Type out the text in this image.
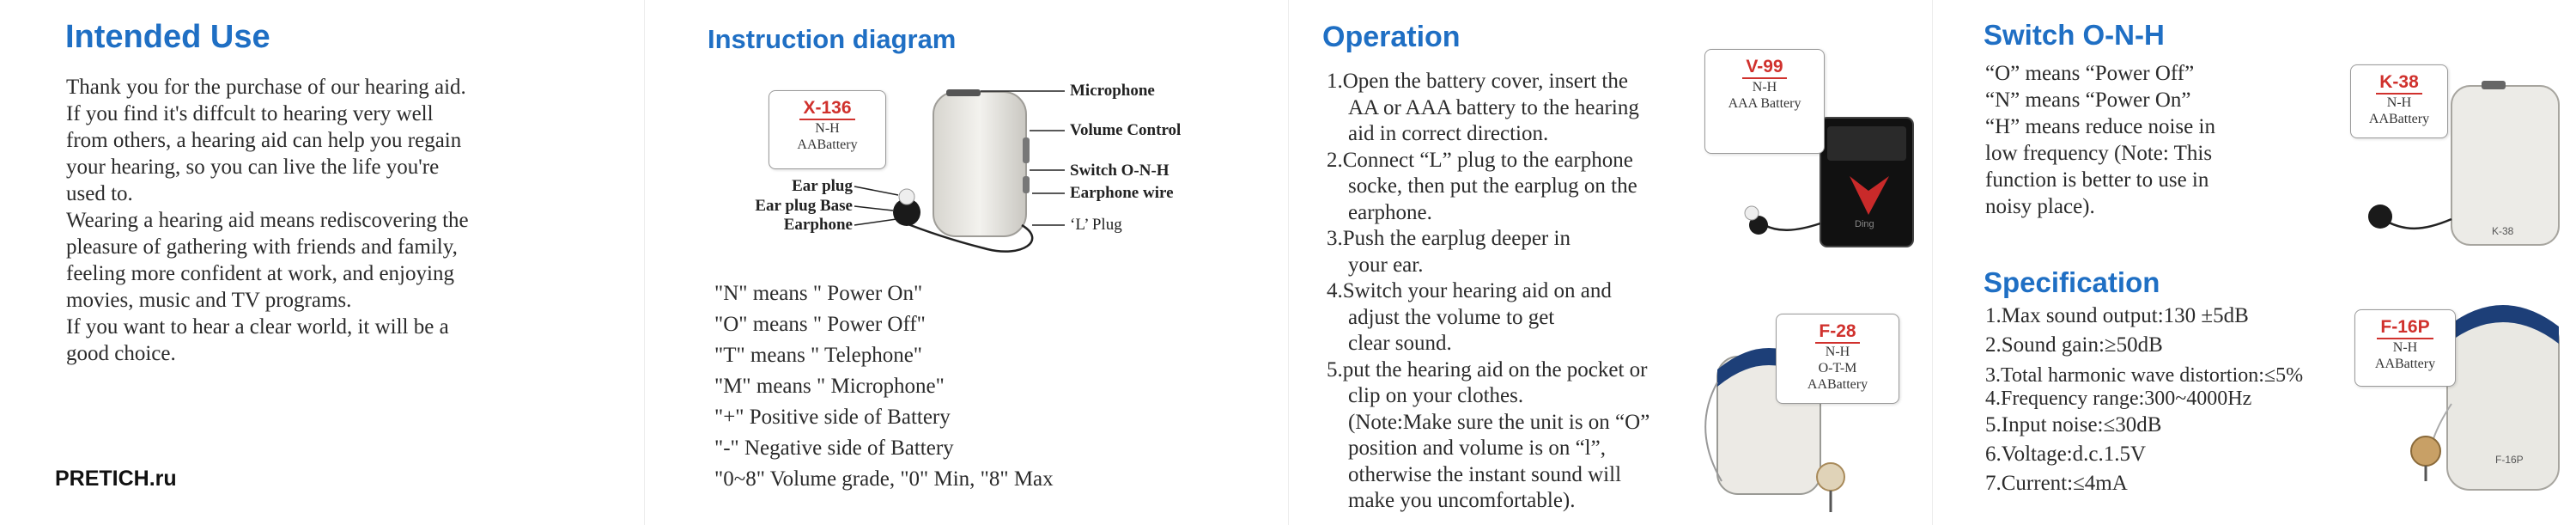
Intended Use

Thank you for the purchase of our hearing aid.

If you find it's diffcult to hearing very well

from others, a hearing aid can help you regain

your hearing, so you can live the life you're

used to.

Wearing a hearing aid means rediscovering the

pleasure of gathering with friends and family,

feeling more confident at work, and enjoying

movies, music and TV programs.

If you want to hear a clear world, it will be a

good choice.

PRETICH.ru
Instruction diagram
X-136
N-H
AABattery
Microphone
Volume Control
Switch O-N-H
Earphone wire
‘L’ Plug
Ear plug
Ear plug Base
Earphone

"N" means " Power On"

"O" means " Power Off"

"T" means " Telephone"

"M" means " Microphone"

"+" Positive side of Battery

"-" Negative side of Battery

"0~8" Volume grade, "0" Min, "8" Max

Operation

1.Open the battery cover, insert the

AA or AAA battery to the hearing

aid in correct direction.

2.Connect “L” plug to the earphone

socke, then put the earplug on the

earphone.

3.Push the earplug deeper in

your ear.

4.Switch your hearing aid on and

adjust the volume to get

clear sound.

5.put the hearing aid on the pocket or

clip on your clothes.

(Note:Make sure the unit is on “O”

position and volume is on “l”,

otherwise the instant sound will

make you uncomfortable).

Ding
V-99
N-H
AAA Battery
F-28
N-H
O-T-M
AABattery
Switch O-N-H

“O” means “Power Off”

“N” means “Power On”

“H” means reduce noise in

low frequency (Note: This

function is better to use in

noisy place).

Specification

1.Max sound output:130 ±5dB

2.Sound gain:≥50dB

3.Total harmonic wave distortion:≤5%

4.Frequency range:300~4000Hz

5.Input noise:≤30dB

6.Voltage:d.c.1.5V

7.Current:≤4mA

K-38
F-16P
K-38
N-H
AABattery
F-16P
N-H
AABattery
